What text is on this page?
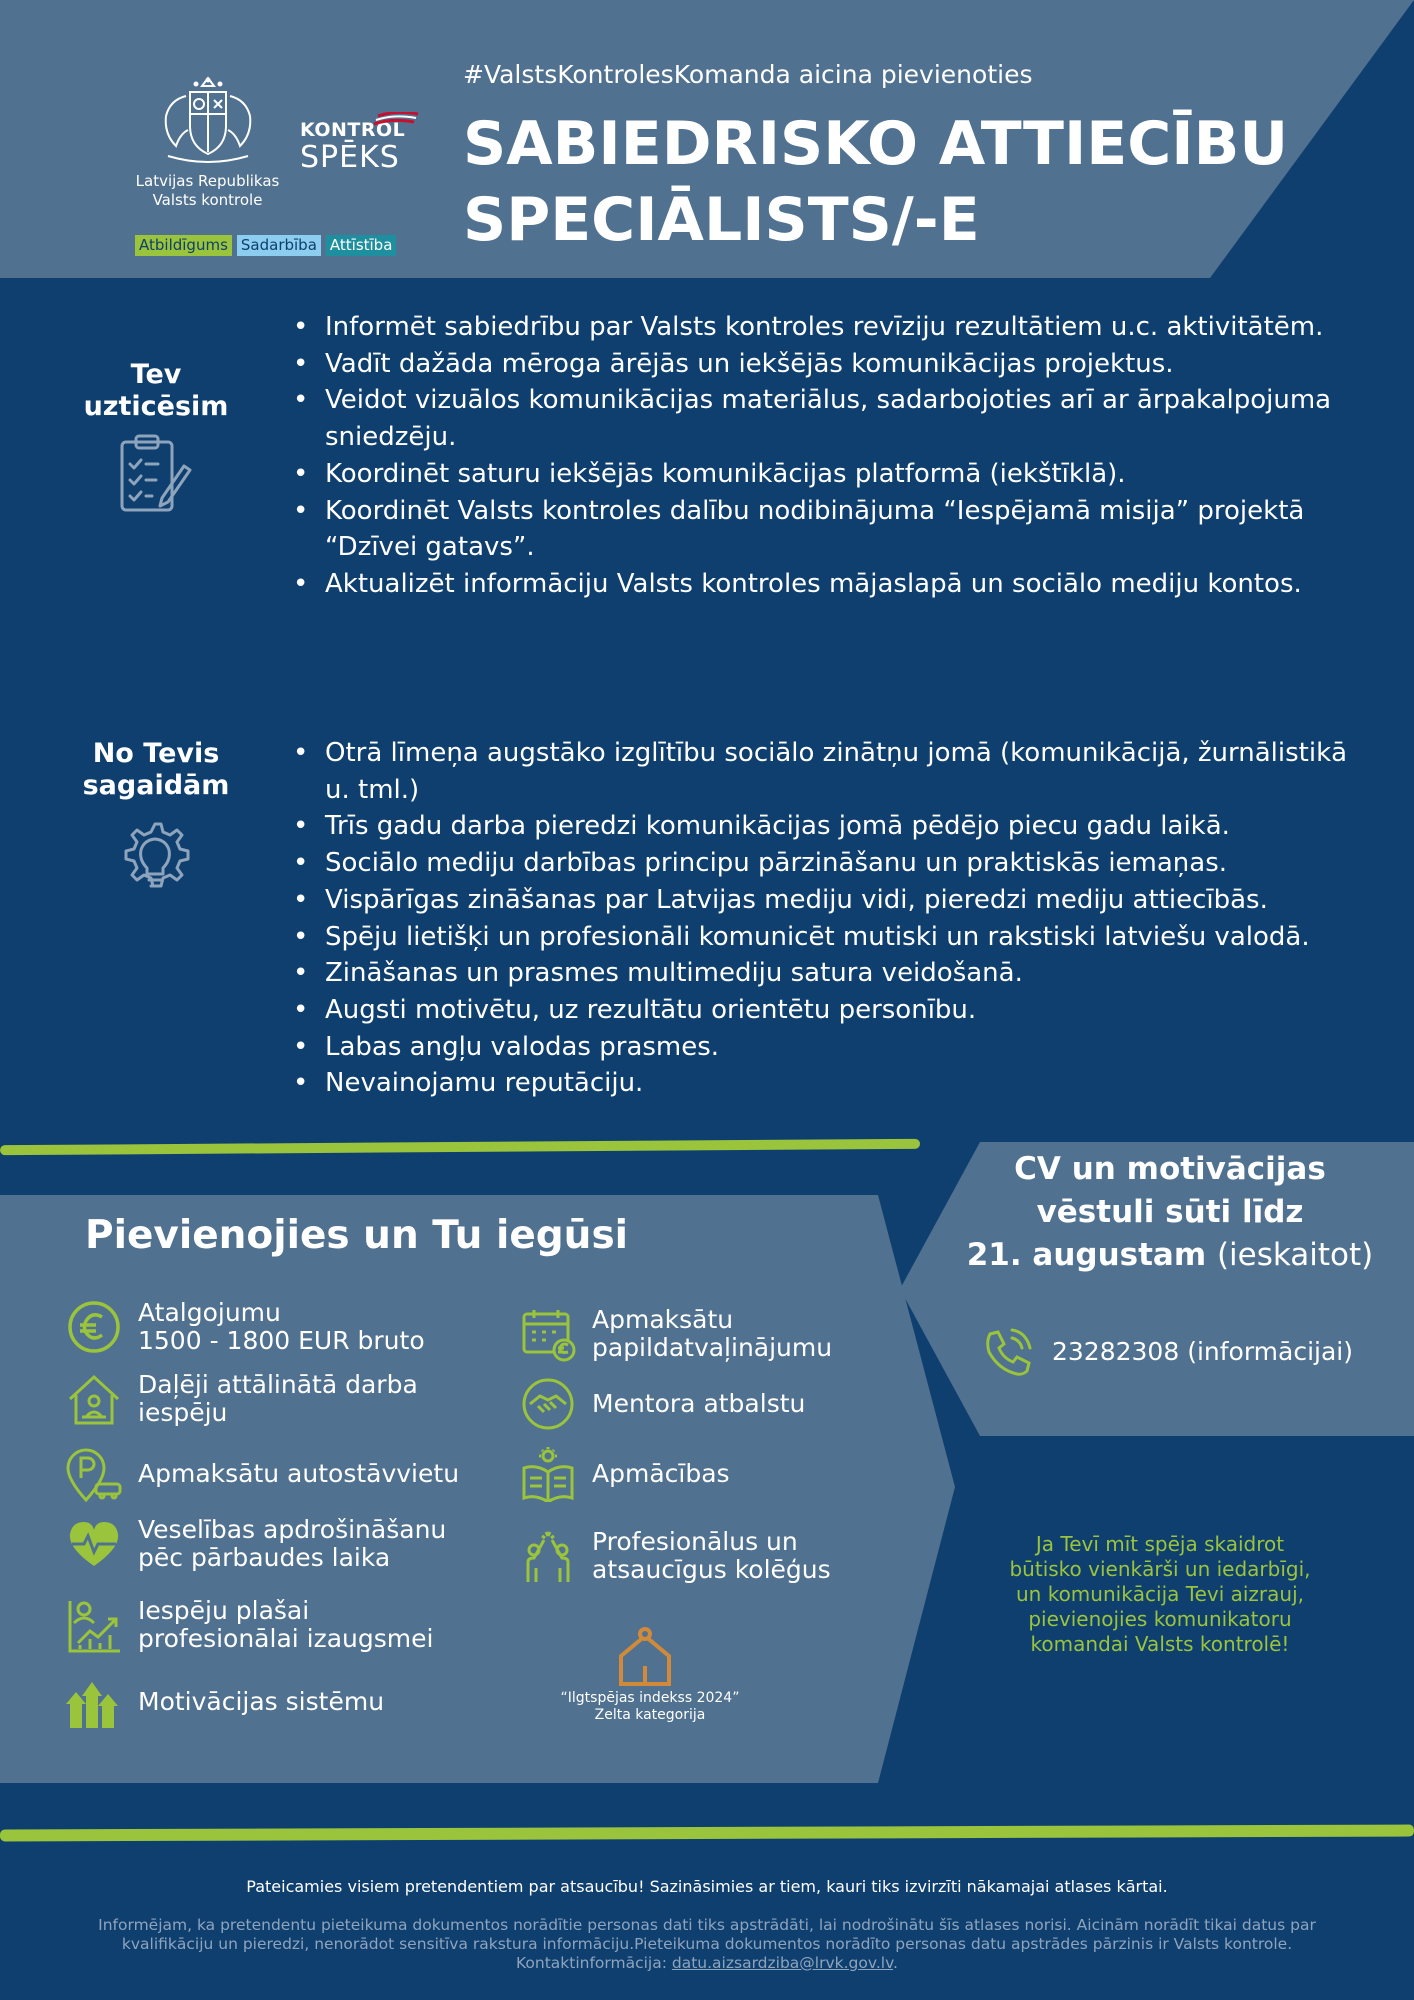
Latvijas Republikas
Valsts kontrole
KONTROL
SPĒKS
Atbildīgums Sadarbība Attīstība
#ValstsKontrolesKomanda aicina pievienoties
SABIEDRISKO ATTIECĪBU
SPECIĀLISTS/-E
Tev
uzticēsim
• Informēt sabiedrību par Valsts kontroles revīziju rezultātiem u.c. aktivitātēm.
• Vadīt dažāda mēroga ārējās un iekšējās komunikācijas projektus.
• Veidot vizuālos komunikācijas materiālus, sadarbojoties arī ar ārpakalpojuma sniedzēju.
• Koordinēt saturu iekšējās komunikācijas platformā (iekštīklā).
• Koordinēt Valsts kontroles dalību nodibinājuma “Iespējamā misija” projektā “Dzīvei gatavs”.
• Aktualizēt informāciju Valsts kontroles mājaslapā un sociālo mediju kontos.
No Tevis
sagaidām
• Otrā līmeņa augstāko izglītību sociālo zinātņu jomā (komunikācijā, žurnālistikā u. tml.)
• Trīs gadu darba pieredzi komunikācijas jomā pēdējo piecu gadu laikā.
• Sociālo mediju darbības principu pārzināšanu un praktiskās iemaņas.
• Vispārīgas zināšanas par Latvijas mediju vidi, pieredzi mediju attiecībās.
• Spēju lietišķi un profesionāli komunicēt mutiski un rakstiski latviešu valodā.
• Zināšanas un prasmes multimediju satura veidošanā.
• Augsti motivētu, uz rezultātu orientētu personību.
• Labas angļu valodas prasmes.
• Nevainojamu reputāciju.
Pievienojies un Tu iegūsi
Atalgojumu
1500 - 1800 EUR bruto
Daļēji attālinātā darba
iespēju
Apmaksātu autostāvvietu
Veselības apdrošināšanu
pēc pārbaudes laika
Iespēju plašai
profesionālai izaugsmei
Motivācijas sistēmu
Apmaksātu
papildatvaļinājumu
Mentora atbalstu
Apmācības
Profesionālus un
atsaucīgus kolēģus
“Ilgtspējas indekss 2024”
Zelta kategorija
CV un motivācijas
vēstuli sūti līdz
21. augustam (ieskaitot)
23282308 (informācijai)
Ja Tevī mīt spēja skaidrot būtisko vienkārši un iedarbīgi, un komunikācija Tevi aizrauj, pievienojies komunikatoru komandai Valsts kontrolē!
Pateicamies visiem pretendentiem par atsaucību! Sazināsimies ar tiem, kauri tiks izvirzīti nākamajai atlases kārtai.
Informējam, ka pretendentu pieteikuma dokumentos norādītie personas dati tiks apstrādāti, lai nodrošinātu šīs atlases norisi. Aicinām norādīt tikai datus par kvalifikāciju un pieredzi, nenorādot sensitīva rakstura informāciju.Pieteikuma dokumentos norādīto personas datu apstrādes pārzinis ir Valsts kontrole.
Kontaktinformācija: datu.aizsardziba@lrvk.gov.lv.
